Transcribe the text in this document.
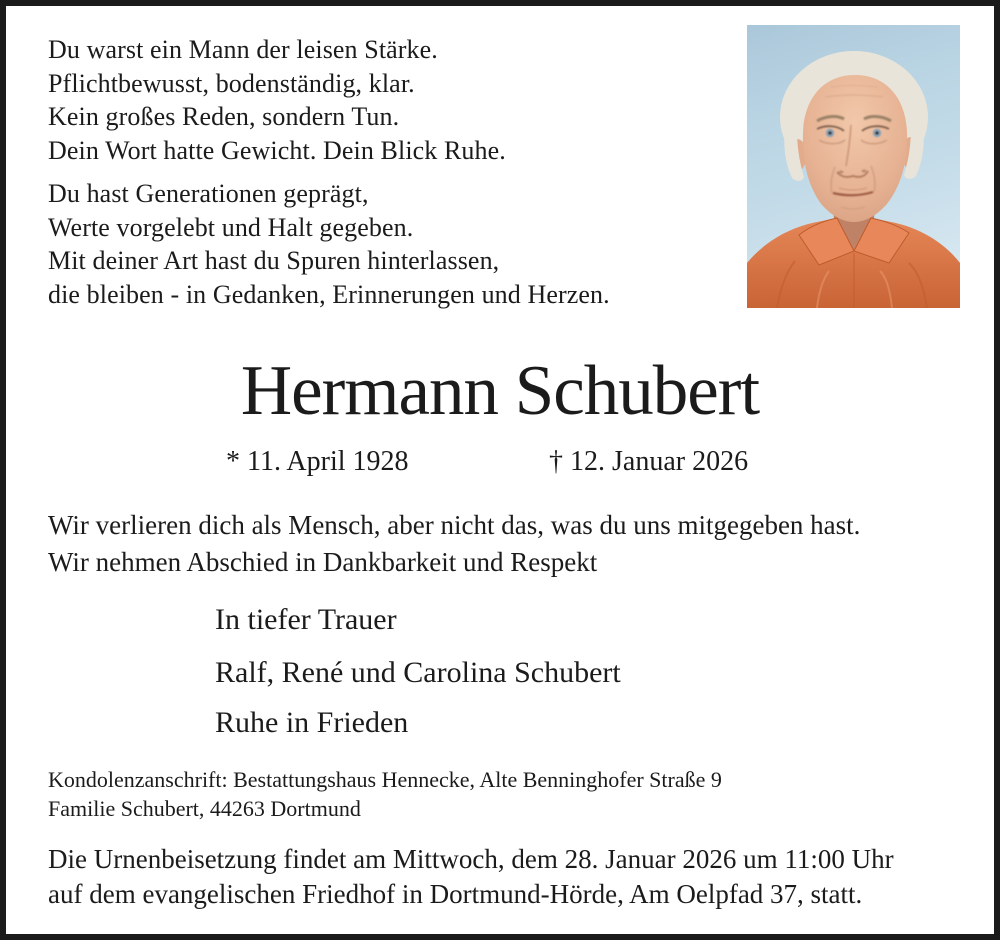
Du warst ein Mann der leisen Stärke.
Pflichtbewusst, bodenständig, klar.
Kein großes Reden, sondern Tun.
Dein Wort hatte Gewicht. Dein Blick Ruhe.

Du hast Generationen geprägt,
Werte vorgelebt und Halt gegeben.
Mit deiner Art hast du Spuren hinterlassen,
die bleiben - in Gedanken, Erinnerungen und Herzen.

Hermann Schubert
* 11. April 1928	† 12. Januar 2026
Wir verlieren dich als Mensch, aber nicht das, was du uns mitgegeben hast.
Wir nehmen Abschied in Dankbarkeit und Respekt
In tiefer Trauer
Ralf, René und Carolina Schubert
Ruhe in Frieden
Kondolenzanschrift: Bestattungshaus Hennecke, Alte Benninghofer Straße 9
Familie Schubert, 44263 Dortmund
Die Urnenbeisetzung findet am Mittwoch, dem 28. Januar 2026 um 11:00 Uhr
auf dem evangelischen Friedhof in Dortmund-Hörde, Am Oelpfad 37, statt.
